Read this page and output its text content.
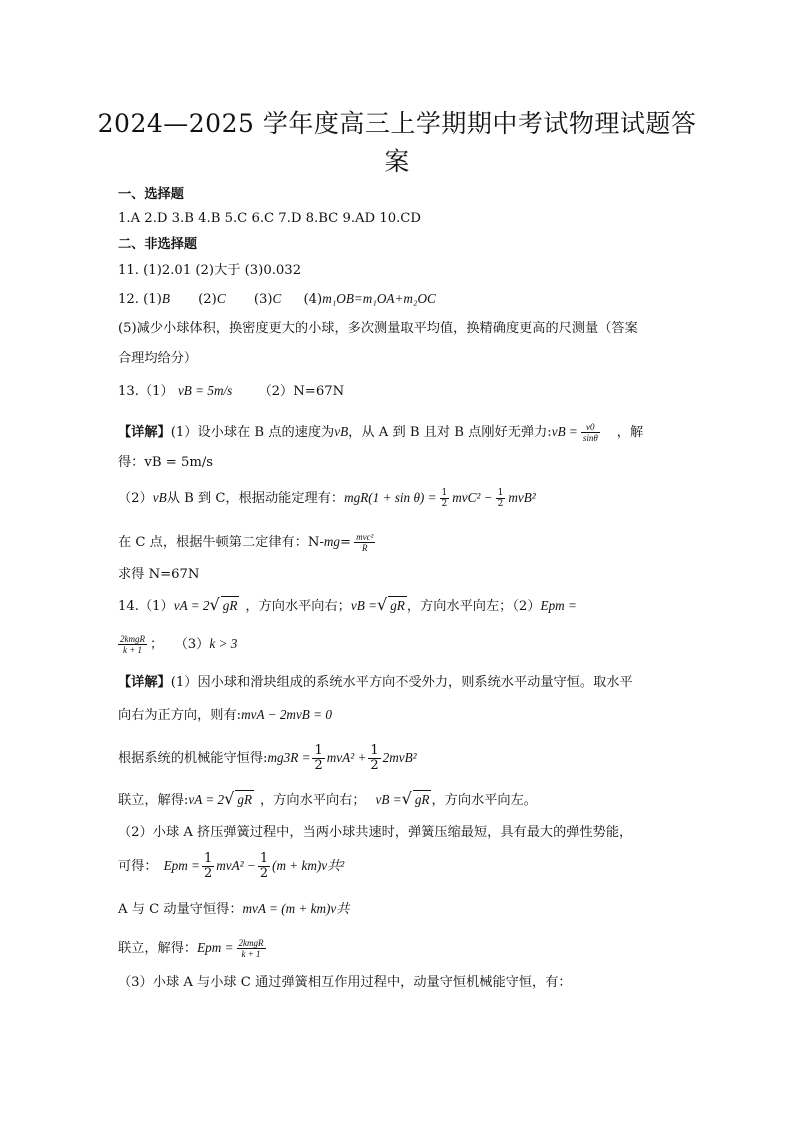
2024—2025 学年度高三上学期期中考试物理试题答
案
一、选择题
1.A 2.D 3.B 4.B 5.C 6.C 7.D 8.BC 9.AD 10.CD
二、非选择题
11. (1)2.01 (2)大于 (3)0.032
12. (1)B (2)C (3)C (4)m₁OB=m₁OA+m₂OC
(5)减少小球体积，换密度更大的小球，多次测量取平均值，换精确度更高的尺测量（答案
合理均给分）
13.（1） vB = 5m/s （2）N=67N
【详解】(1）设小球在 B 点的速度为vB，从 A 到 B 且对 B 点刚好无弹力:vB = $\frac{v0}{\sin\theta}$ ，解
得：vB = 5m/s
（2）vB从 B 到 C，根据动能定理有：$mgR(1 + \sin \theta) = \frac{1}{2} mvC^2 - \frac{1}{2} mvB^2$
在 C 点，根据牛顿第二定律有：$N-mg= \frac{\text{mvc²}}{R}$
求得 N=67N
14.（1）vA = 2√ gR ，方向水平向右；vB =√ gR ，方向水平向左；（2）Epm =
$\frac{\text{2kmgR}}{k + 1}$ ； （3）k > 3
【详解】(1）因小球和滑块组成的系统水平方向不受外力，则系统水平动量守恒。取水平
向右为正方向，则有:mvA − 2mvB = 0
根据系统的机械能守恒得:mg3R = $\frac{1}{2} mvA^2 + \frac{1}{2} 2mvB^2$
联立，解得:vA = 2√ gR ，方向水平向右； vB =√ gR ，方向水平向左。
（2）小球 A 挤压弹簧过程中，当两小球共速时，弹簧压缩最短，具有最大的弹性势能，
可得： Epm = $\frac{1}{2} mvA^2 - \frac{1}{2} (m + km)v$共²
A 与 C 动量守恒得：mvA = (m + km)v共
联立，解得：Epm = $\frac{\text{2kmgR}}{k + 1}$
（3）小球 A 与小球 C 通过弹簧相互作用过程中，动量守恒机械能守恒，有：
